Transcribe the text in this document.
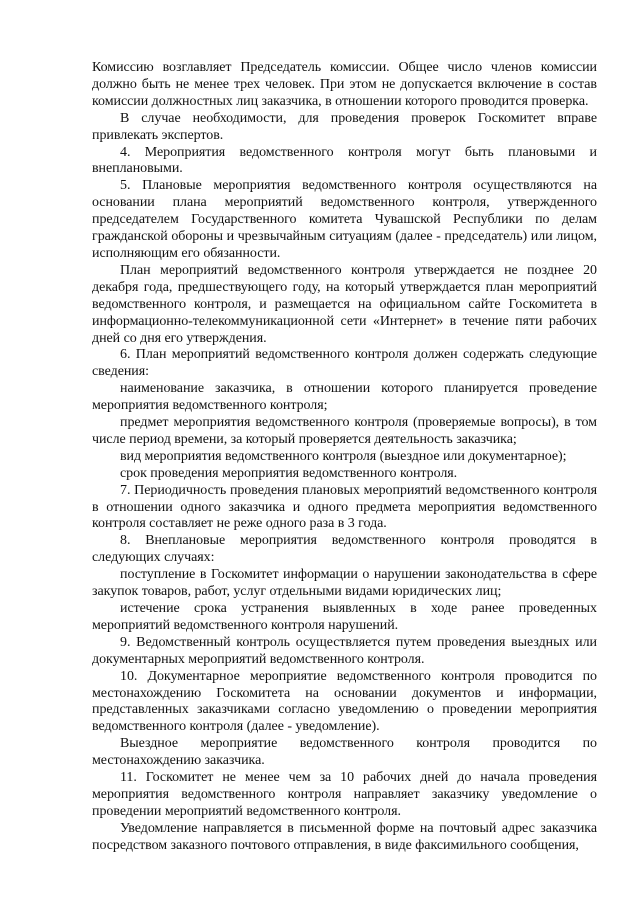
Комиссию возглавляет Председатель комиссии. Общее число членов комиссии должно быть не менее трех человек. При этом не допускается включение в состав комиссии должностных лиц заказчика, в отношении которого проводится проверка.

В случае необходимости, для проведения проверок Госкомитет вправе привлекать экспертов.

4. Мероприятия ведомственного контроля могут быть плановыми и внеплановыми.

5. Плановые мероприятия ведомственного контроля осуществляются на основании плана мероприятий ведомственного контроля, утвержденного председателем Государственного комитета Чувашской Республики по делам гражданской обороны и чрезвычайным ситуациям (далее - председатель) или лицом, исполняющим его обязанности.

План мероприятий ведомственного контроля утверждается не позднее 20 декабря года, предшествующего году, на который утверждается план мероприятий ведомственного контроля, и размещается на официальном сайте Госкомитета в информационно-телекоммуникационной сети «Интернет» в течение пяти рабочих дней со дня его утверждения.

6. План мероприятий ведомственного контроля должен содержать следующие сведения:

наименование заказчика, в отношении которого планируется проведение мероприятия ведомственного контроля;

предмет мероприятия ведомственного контроля (проверяемые вопросы), в том числе период времени, за который проверяется деятельность заказчика;

вид мероприятия ведомственного контроля (выездное или документарное);

срок проведения мероприятия ведомственного контроля.

7. Периодичность проведения плановых мероприятий ведомственного контроля в отношении одного заказчика и одного предмета мероприятия ведомственного контроля составляет не реже одного раза в 3 года.

8. Внеплановые мероприятия ведомственного контроля проводятся в следующих случаях:

поступление в Госкомитет информации о нарушении законодательства в сфере закупок товаров, работ, услуг отдельными видами юридических лиц;

истечение срока устранения выявленных в ходе ранее проведенных мероприятий ведомственного контроля нарушений.

9. Ведомственный контроль осуществляется путем проведения выездных или документарных мероприятий ведомственного контроля.

10. Документарное мероприятие ведомственного контроля проводится по местонахождению Госкомитета на основании документов и информации, представленных заказчиками согласно уведомлению о проведении мероприятия ведомственного контроля (далее - уведомление).

Выездное мероприятие ведомственного контроля проводится по местонахождению заказчика.

11. Госкомитет не менее чем за 10 рабочих дней до начала проведения мероприятия ведомственного контроля направляет заказчику уведомление о проведении мероприятий ведомственного контроля.

Уведомление направляется в письменной форме на почтовый адрес заказчика посредством заказного почтового отправления, в виде факсимильного сообщения,
